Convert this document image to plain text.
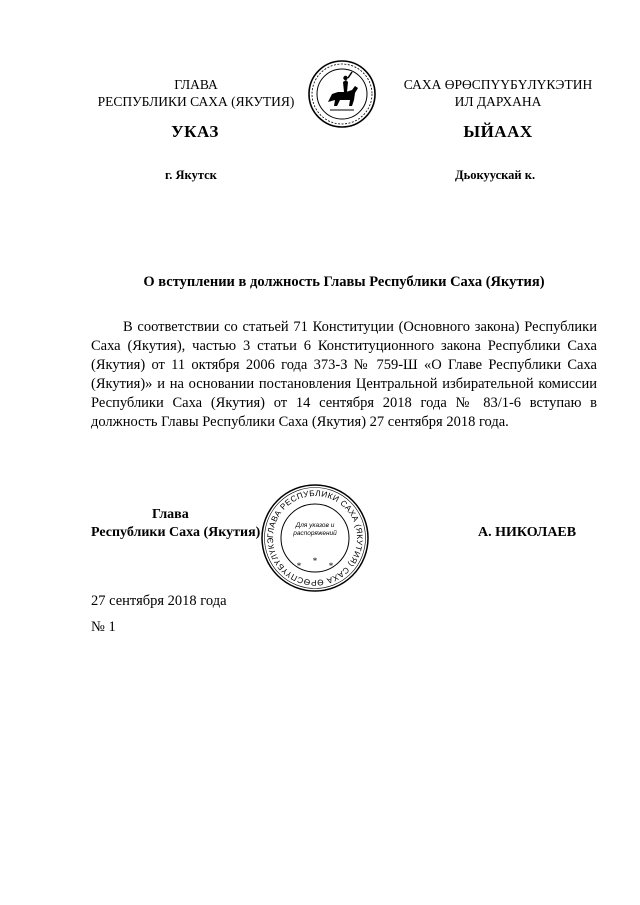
ГЛАВА
РЕСПУБЛИКИ САХА (ЯКУТИЯ)
САХА ӨРӨСПҮҮБҮЛҮКЭТИН
ИЛ ДАРХАНА
УКАЗ	ЫЙААХ
г. Якутск	Дьокуускай к.
О вступлении в должность Главы Республики Саха (Якутия)
В соответствии со статьей 71 Конституции (Основного закона) Республики Саха (Якутия), частью 3 статьи 6 Конституционного закона Республики Саха (Якутия) от 11 октября 2006 года 373-З № 759-Ш «О Главе Республики Саха (Якутия)» и на основании постановления Центральной избирательной комиссии Республики Саха (Якутия) от 14 сентября 2018 года № 83/1-6 вступаю в должность Главы Республики Саха (Якутия) 27 сентября 2018 года.
Глава
Республики Саха (Якутия)	А. НИКОЛАЕВ
ГЛАВА РЕСПУБЛИКИ САХА (ЯКУТИЯ) САХА ӨРӨСПҮҮБҮЛҮКЭ
Для указов и распоряжений
*
*	*
27 сентября 2018 года
№ 1
